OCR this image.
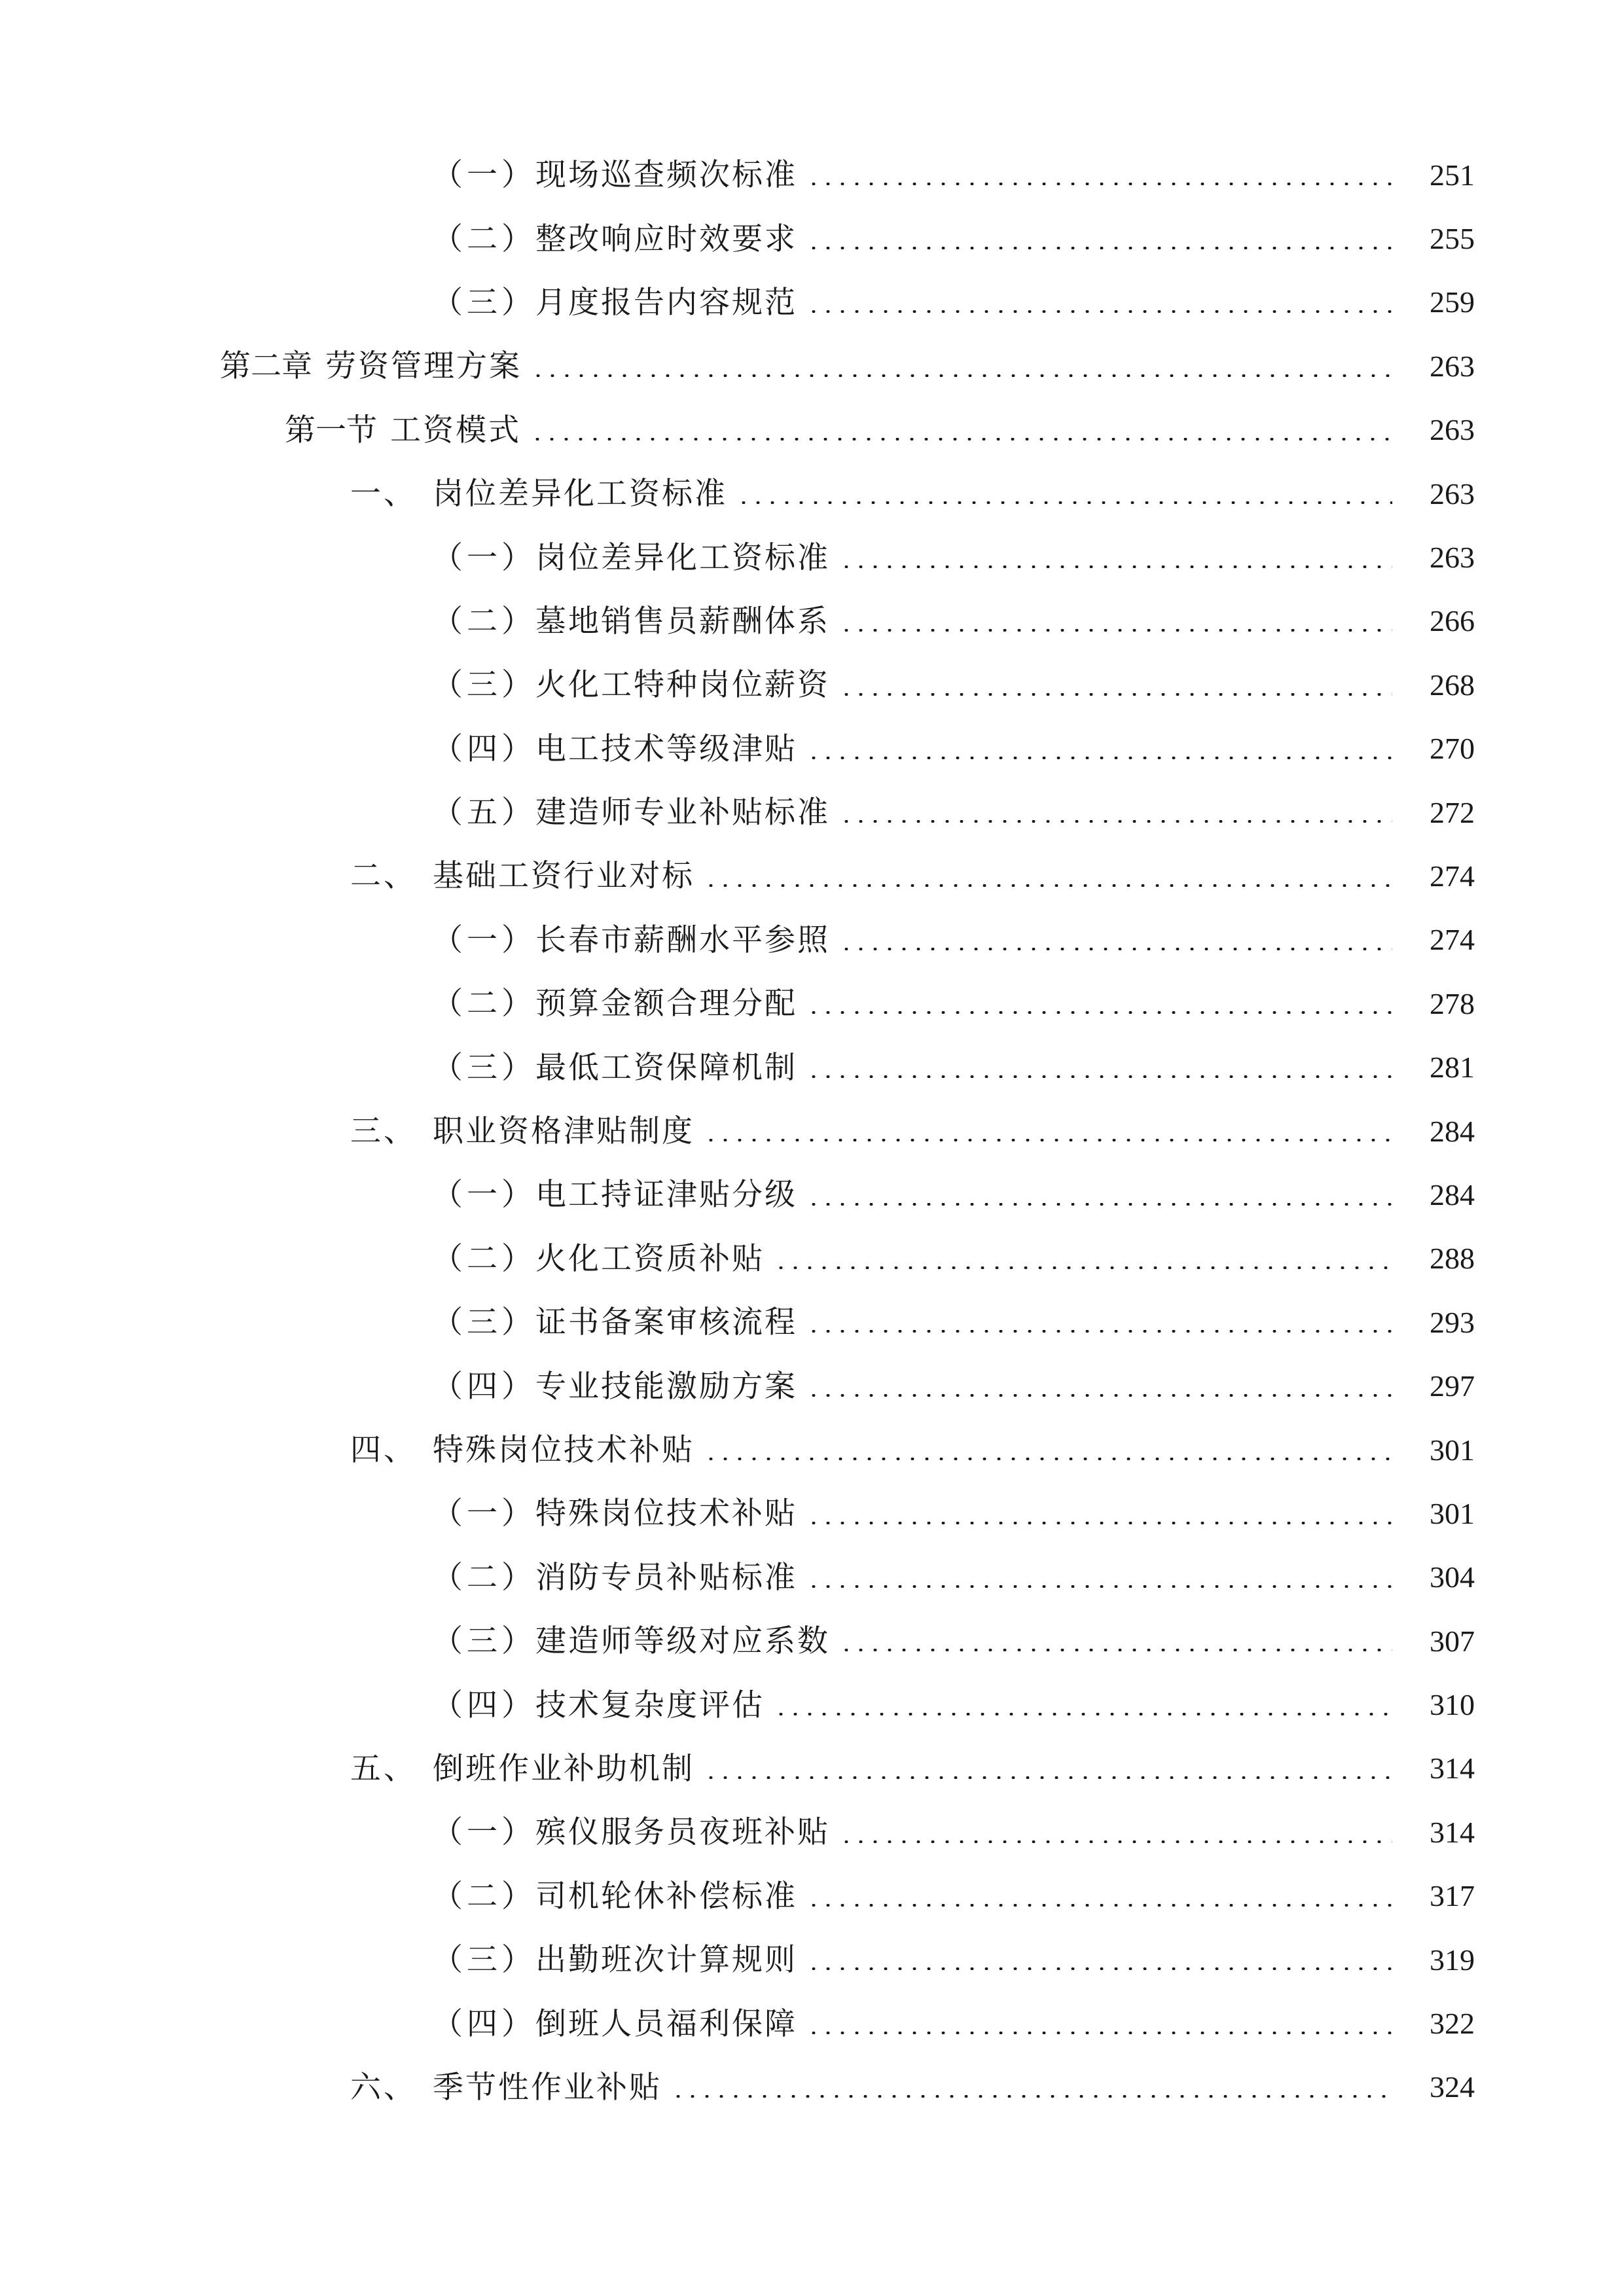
（一） 现场巡查频次标准	251
（二） 整改响应时效要求	255
（三） 月度报告内容规范	259
第二章 劳资管理方案	263
第一节 工资模式	263
一、 岗位差异化工资标准	263
（一） 岗位差异化工资标准	263
（二） 墓地销售员薪酬体系	266
（三） 火化工特种岗位薪资	268
（四） 电工技术等级津贴	270
（五） 建造师专业补贴标准	272
二、 基础工资行业对标	274
（一） 长春市薪酬水平参照	274
（二） 预算金额合理分配	278
（三） 最低工资保障机制	281
三、 职业资格津贴制度	284
（一） 电工持证津贴分级	284
（二） 火化工资质补贴	288
（三） 证书备案审核流程	293
（四） 专业技能激励方案	297
四、 特殊岗位技术补贴	301
（一） 特殊岗位技术补贴	301
（二） 消防专员补贴标准	304
（三） 建造师等级对应系数	307
（四） 技术复杂度评估	310
五、 倒班作业补助机制	314
（一） 殡仪服务员夜班补贴	314
（二） 司机轮休补偿标准	317
（三） 出勤班次计算规则	319
（四） 倒班人员福利保障	322
六、 季节性作业补贴	324
